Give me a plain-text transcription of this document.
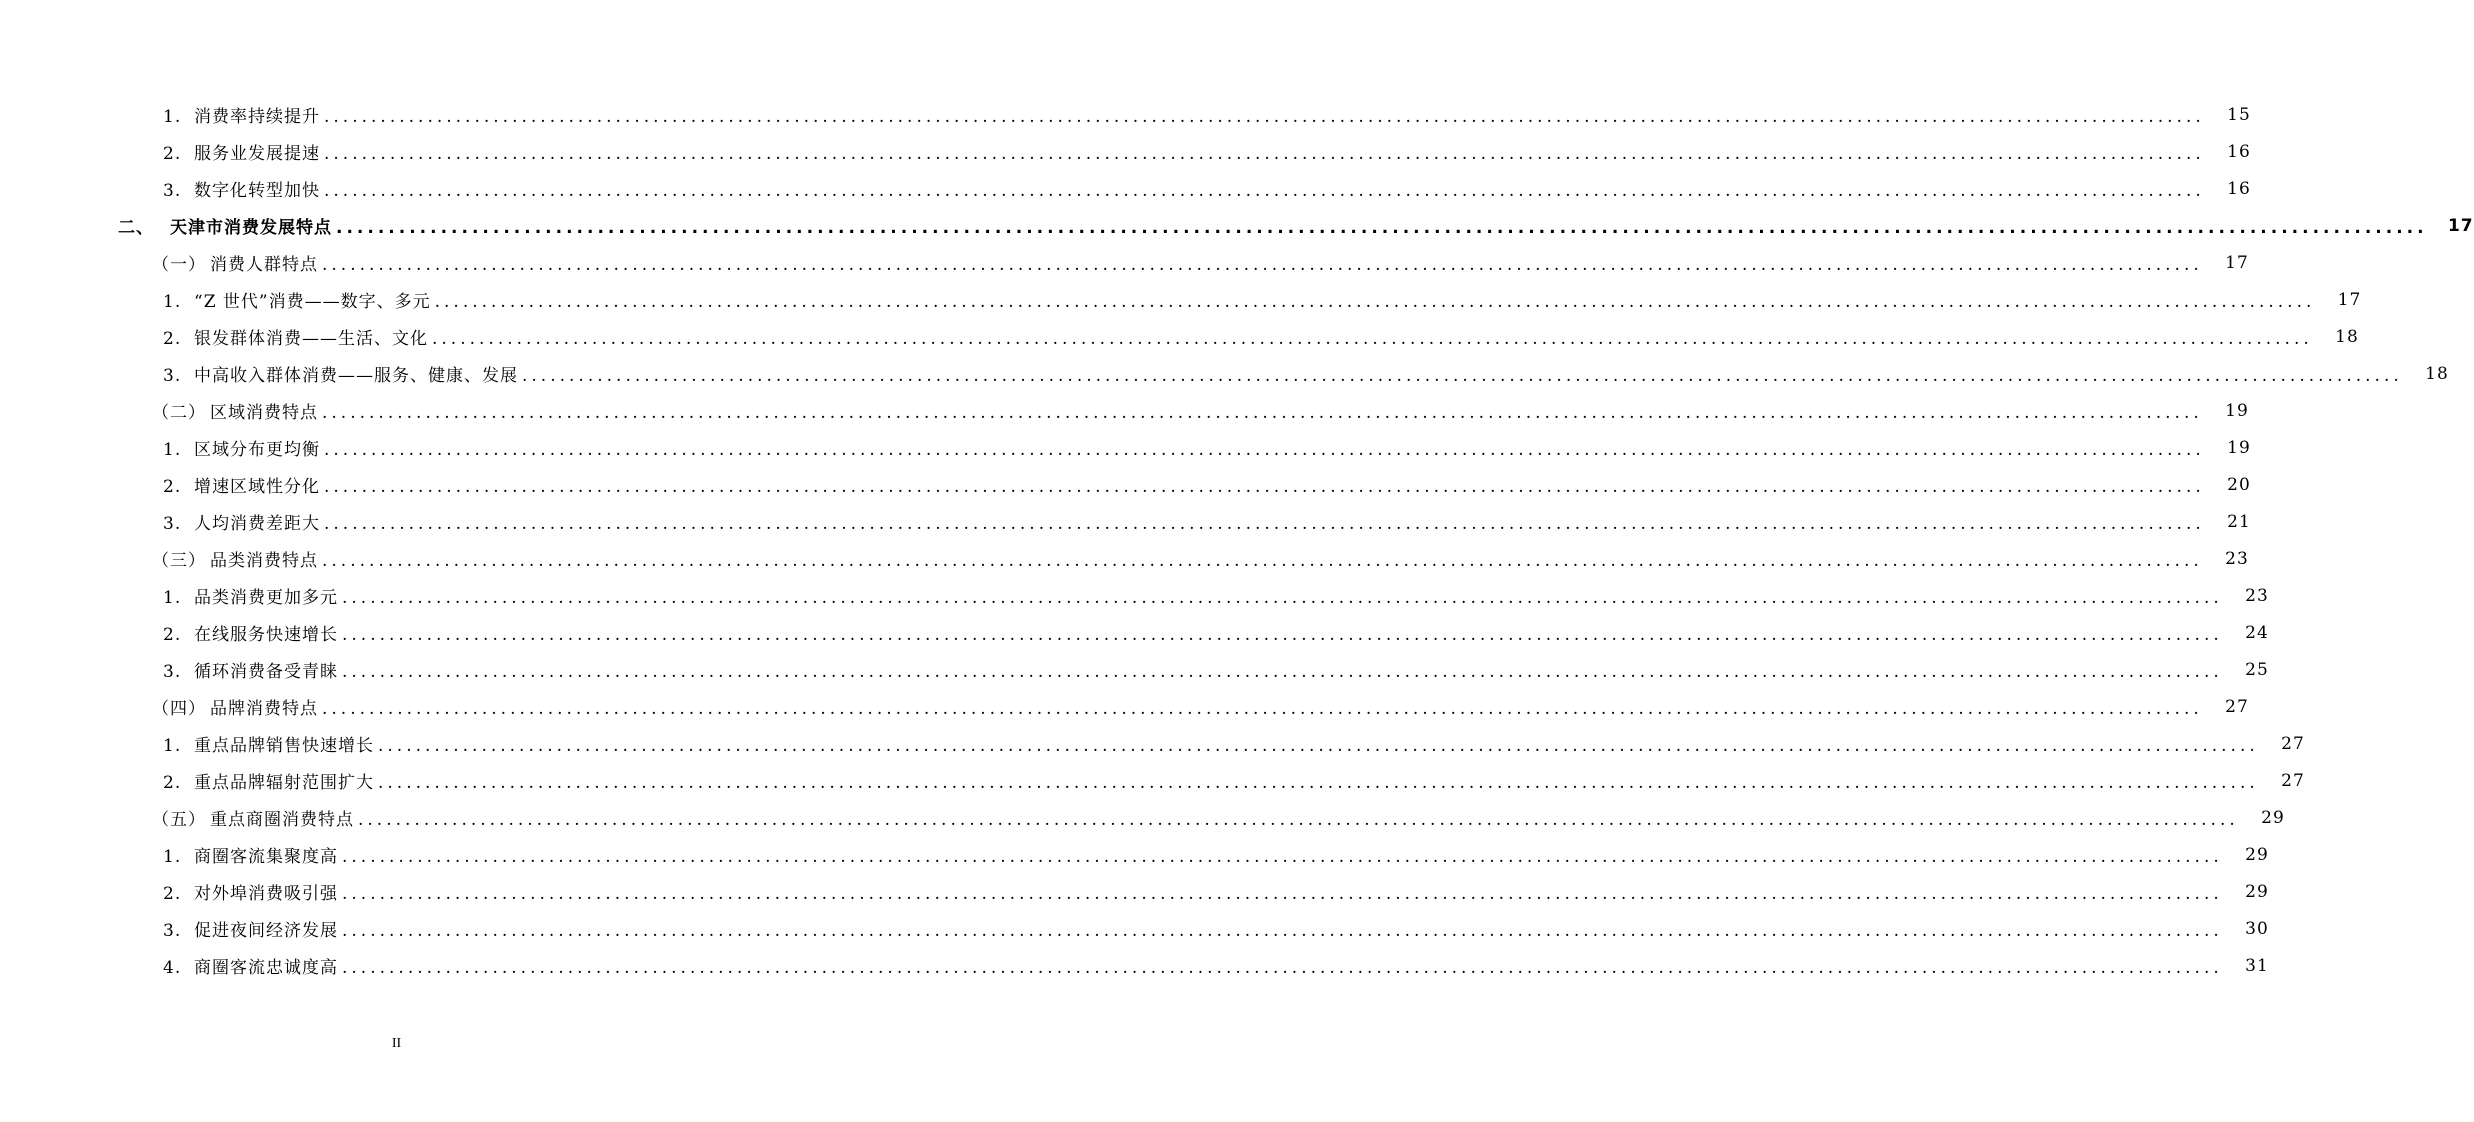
1. 消费率持续提升 ........................................................................................................................................................................................................	15
2. 服务业发展提速 ........................................................................................................................................................................................................	16
3. 数字化转型加快 ........................................................................................................................................................................................................	16
二、 天津市消费发展特点 ........................................................................................................................................................................................................	17
（一） 消费人群特点 ........................................................................................................................................................................................................	17
1. “Z 世代”消费——数字、多元 ........................................................................................................................................................................................................	17
2. 银发群体消费——生活、文化 ........................................................................................................................................................................................................	18
3. 中高收入群体消费——服务、健康、发展 ........................................................................................................................................................................................................	18
（二） 区域消费特点 ........................................................................................................................................................................................................	19
1. 区域分布更均衡 ........................................................................................................................................................................................................	19
2. 增速区域性分化 ........................................................................................................................................................................................................	20
3. 人均消费差距大 ........................................................................................................................................................................................................	21
（三） 品类消费特点 ........................................................................................................................................................................................................	23
1. 品类消费更加多元 ........................................................................................................................................................................................................	23
2. 在线服务快速增长 ........................................................................................................................................................................................................	24
3. 循环消费备受青睐 ........................................................................................................................................................................................................	25
（四） 品牌消费特点 ........................................................................................................................................................................................................	27
1. 重点品牌销售快速增长 ........................................................................................................................................................................................................	27
2. 重点品牌辐射范围扩大 ........................................................................................................................................................................................................	27
（五） 重点商圈消费特点 ........................................................................................................................................................................................................	29
1. 商圈客流集聚度高 ........................................................................................................................................................................................................	29
2. 对外埠消费吸引强 ........................................................................................................................................................................................................	29
3. 促进夜间经济发展 ........................................................................................................................................................................................................	30
4. 商圈客流忠诚度高 ........................................................................................................................................................................................................	31
II
